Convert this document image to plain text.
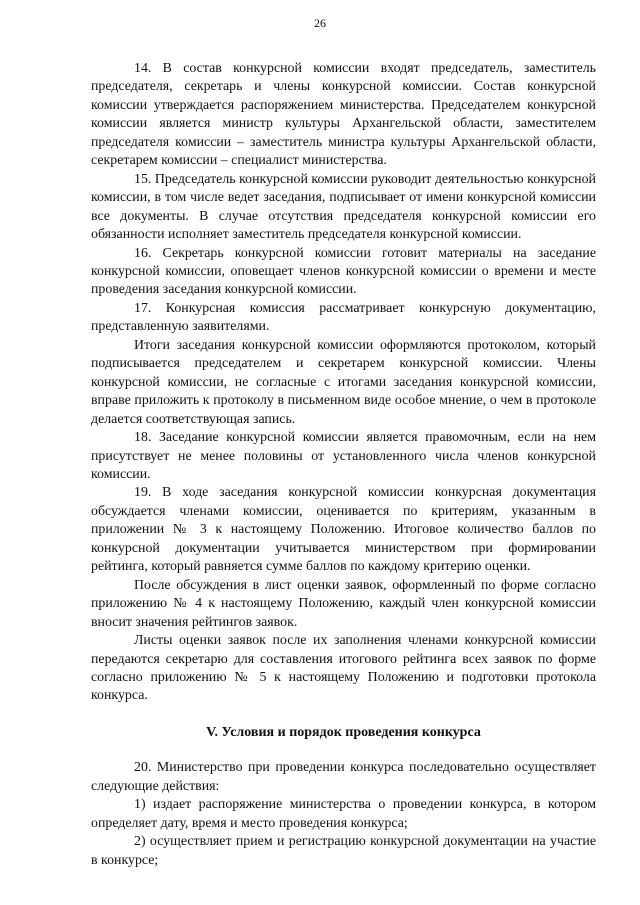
26

14. В состав конкурсной комиссии входят председатель, заместитель председателя, секретарь и члены конкурсной комиссии. Состав конкурсной комиссии утверждается распоряжением министерства. Председателем конкурсной комиссии является министр культуры Архангельской области, заместителем председателя комиссии – заместитель министра культуры Архангельской области, секретарем комиссии – специалист министерства.

15. Председатель конкурсной комиссии руководит деятельностью конкурсной комиссии, в том числе ведет заседания, подписывает от имени конкурсной комиссии все документы. В случае отсутствия председателя конкурсной комиссии его обязанности исполняет заместитель председателя конкурсной комиссии.

16. Секретарь конкурсной комиссии готовит материалы на заседание конкурсной комиссии, оповещает членов конкурсной комиссии о времени и месте проведения заседания конкурсной комиссии.

17. Конкурсная комиссия рассматривает конкурсную документацию, представленную заявителями.

Итоги заседания конкурсной комиссии оформляются протоколом, который подписывается председателем и секретарем конкурсной комиссии. Члены конкурсной комиссии, не согласные с итогами заседания конкурсной комиссии, вправе приложить к протоколу в письменном виде особое мнение, о чем в протоколе делается соответствующая запись.

18. Заседание конкурсной комиссии является правомочным, если на нем присутствует не менее половины от установленного числа членов конкурсной комиссии.

19. В ходе заседания конкурсной комиссии конкурсная документация обсуждается членами комиссии, оценивается по критериям, указанным в приложении № 3 к настоящему Положению. Итоговое количество баллов по конкурсной документации учитывается министерством при формировании рейтинга, который равняется сумме баллов по каждому критерию оценки.

После обсуждения в лист оценки заявок, оформленный по форме согласно приложению № 4 к настоящему Положению, каждый член конкурсной комиссии вносит значения рейтингов заявок.

Листы оценки заявок после их заполнения членами конкурсной комиссии передаются секретарю для составления итогового рейтинга всех заявок по форме согласно приложению № 5 к настоящему Положению и подготовки протокола конкурса.

V. Условия и порядок проведения конкурса

20. Министерство при проведении конкурса последовательно осуществляет следующие действия:

1) издает распоряжение министерства о проведении конкурса, в котором определяет дату, время и место проведения конкурса;

2) осуществляет прием и регистрацию конкурсной документации на участие в конкурсе;
